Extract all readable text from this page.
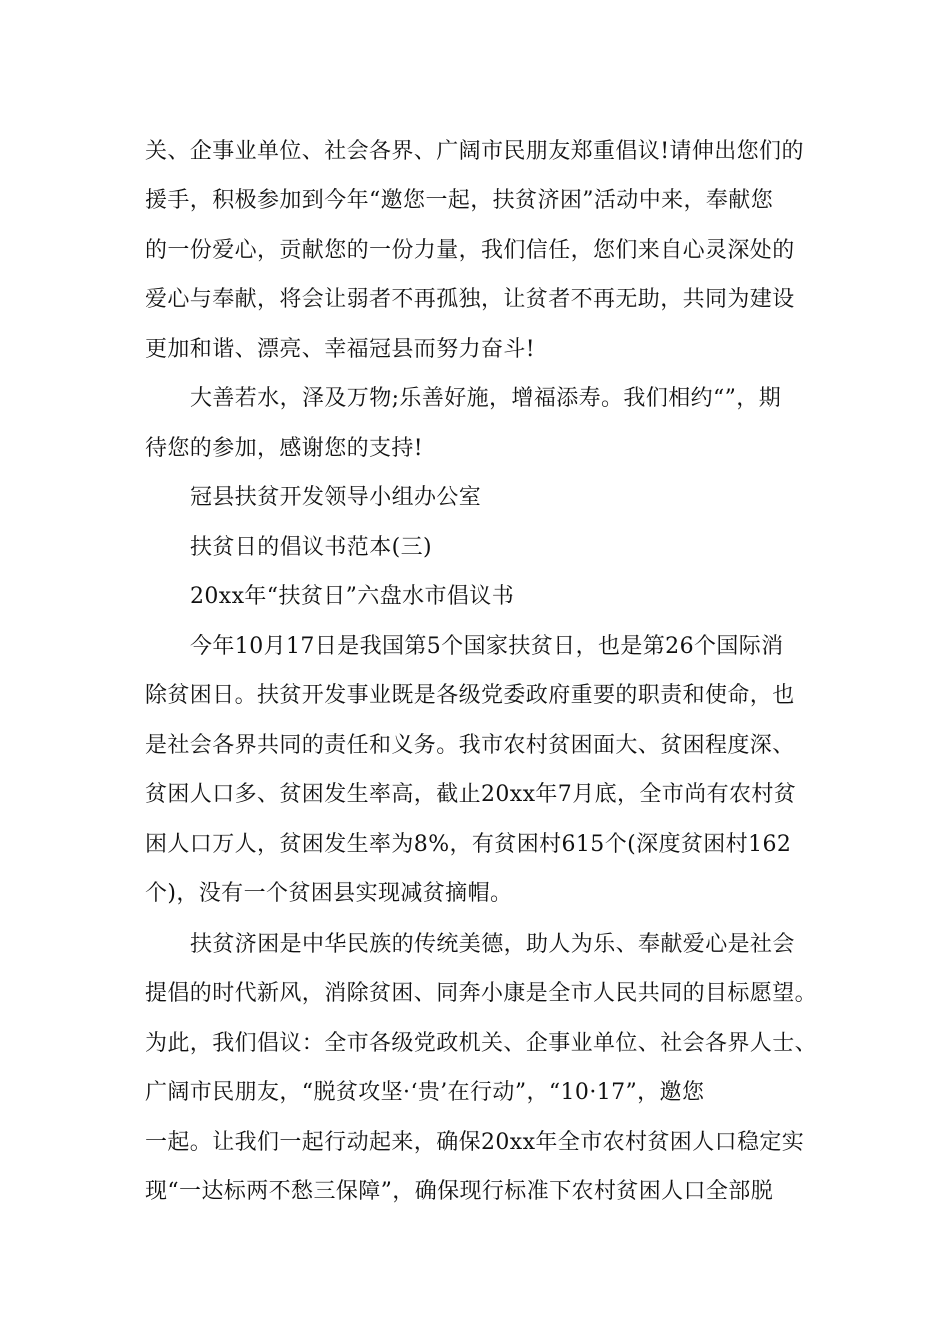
关、企事业单位、社会各界、广阔市民朋友郑重倡议!请伸出您们的
援手，积极参加到今年“邀您一起，扶贫济困”活动中来，奉献您
的一份爱心，贡献您的一份力量，我们信任，您们来自心灵深处的
爱心与奉献，将会让弱者不再孤独，让贫者不再无助，共同为建设
更加和谐、漂亮、幸福冠县而努力奋斗!
大善若水，泽及万物;乐善好施，增福添寿。我们相约“”，期
待您的参加，感谢您的支持!
冠县扶贫开发领导小组办公室
扶贫日的倡议书范本(三)
20xx年“扶贫日”六盘水市倡议书
今年10月17日是我国第5个国家扶贫日，也是第26个国际消
除贫困日。扶贫开发事业既是各级党委政府重要的职责和使命，也
是社会各界共同的责任和义务。我市农村贫困面大、贫困程度深、
贫困人口多、贫困发生率高，截止20xx年7月底，全市尚有农村贫
困人口万人，贫困发生率为8%，有贫困村615个(深度贫困村162
个)，没有一个贫困县实现减贫摘帽。
扶贫济困是中华民族的传统美德，助人为乐、奉献爱心是社会
提倡的时代新风，消除贫困、同奔小康是全市人民共同的目标愿望。
为此，我们倡议：全市各级党政机关、企事业单位、社会各界人士、
广阔市民朋友，“脱贫攻坚·‘贵’在行动”，“10·17”，邀您
一起。让我们一起行动起来，确保20xx年全市农村贫困人口稳定实
现“一达标两不愁三保障”，确保现行标准下农村贫困人口全部脱
